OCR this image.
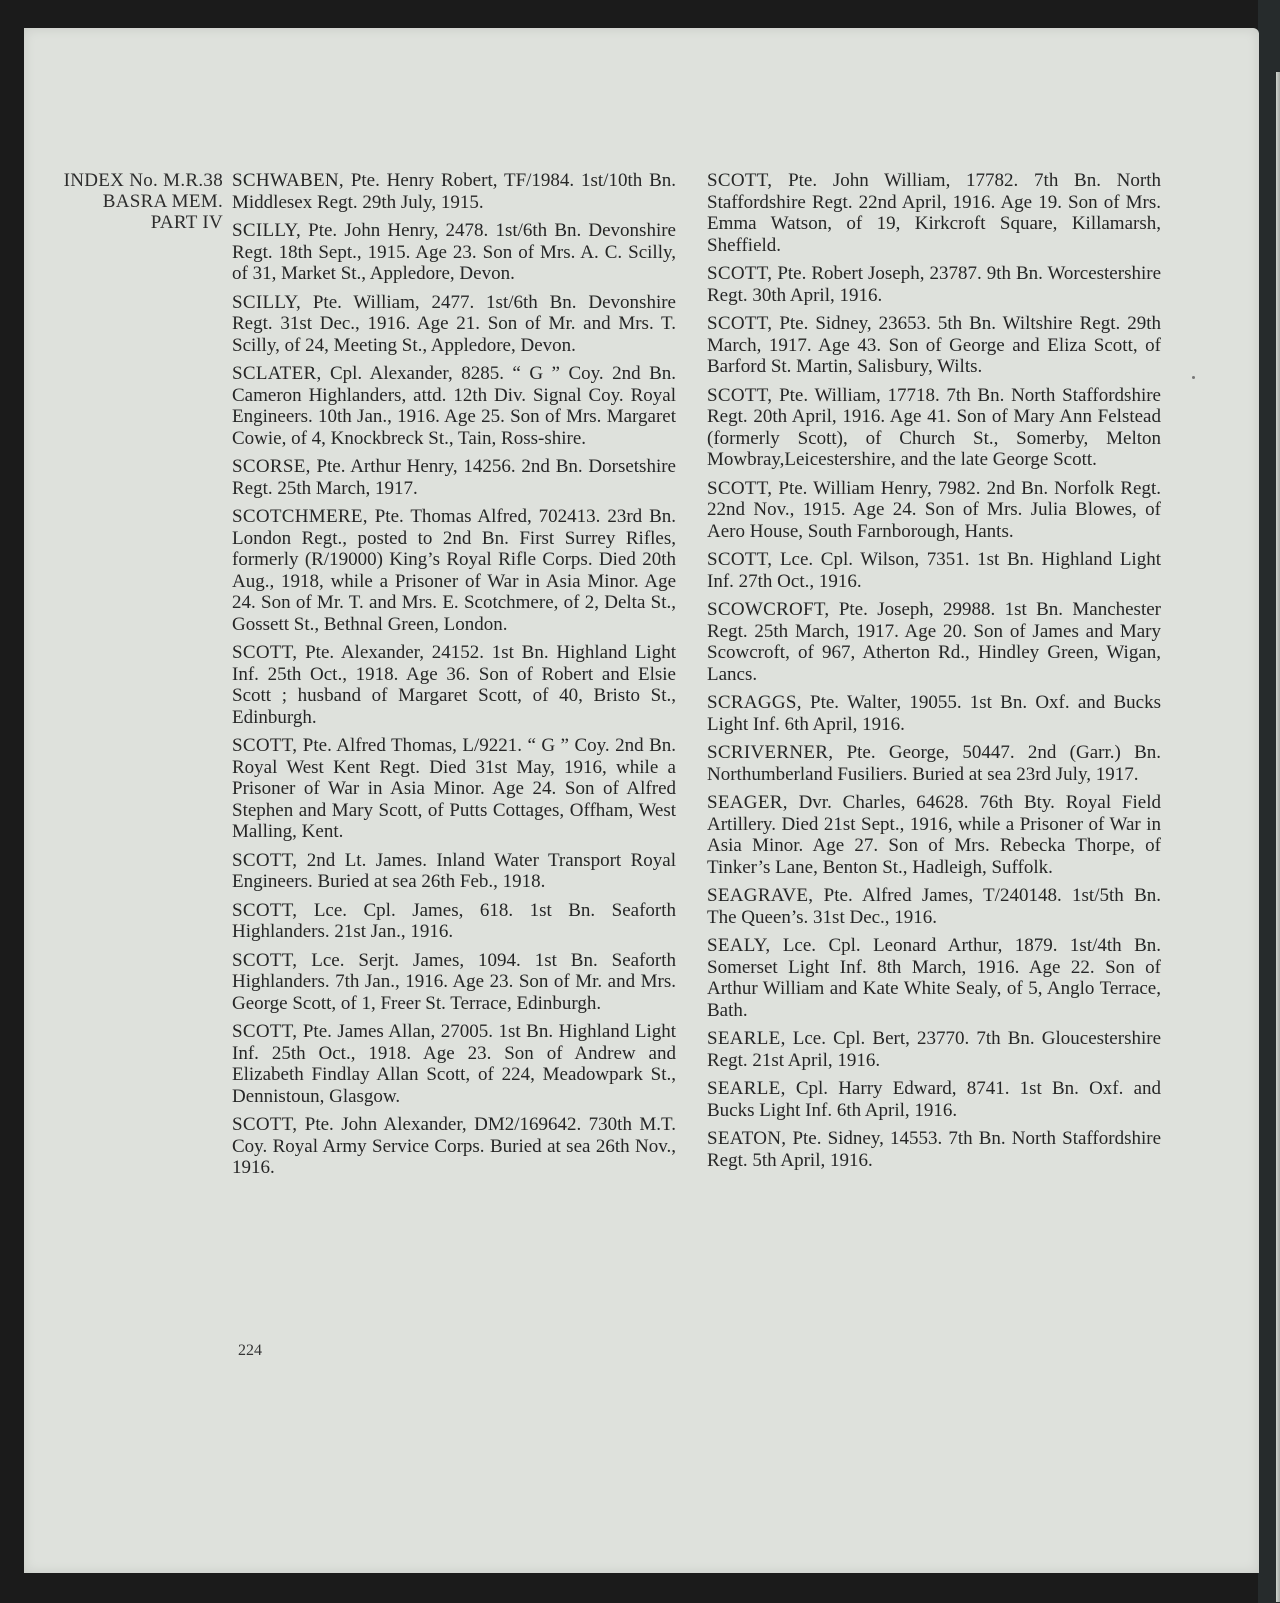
INDEX No. M.R.38
BASRA MEM.
PART IV

SCHWABEN, Pte. Henry Robert, TF/1984. 1st/10th Bn. Middlesex Regt. 29th July, 1915.

SCILLY, Pte. John Henry, 2478. 1st/6th Bn. Devonshire Regt. 18th Sept., 1915. Age 23. Son of Mrs. A. C. Scilly, of 31, Market St., Appledore, Devon.

SCILLY, Pte. William, 2477. 1st/6th Bn. Devonshire Regt. 31st Dec., 1916. Age 21. Son of Mr. and Mrs. T. Scilly, of 24, Meeting St., Appledore, Devon.

SCLATER, Cpl. Alexander, 8285. “ G ” Coy. 2nd Bn. Cameron Highlanders, attd. 12th Div. Signal Coy. Royal Engineers. 10th Jan., 1916. Age 25. Son of Mrs. Margaret Cowie, of 4, Knockbreck St., Tain, Ross-shire.

SCORSE, Pte. Arthur Henry, 14256. 2nd Bn. Dorsetshire Regt. 25th March, 1917.

SCOTCHMERE, Pte. Thomas Alfred, 702413. 23rd Bn. London Regt., posted to 2nd Bn. First Surrey Rifles, formerly (R/19000) King’s Royal Rifle Corps. Died 20th Aug., 1918, while a Prisoner of War in Asia Minor. Age 24. Son of Mr. T. and Mrs. E. Scotchmere, of 2, Delta St., Gossett St., Bethnal Green, London.

SCOTT, Pte. Alexander, 24152. 1st Bn. Highland Light Inf. 25th Oct., 1918. Age 36. Son of Robert and Elsie Scott ; husband of Margaret Scott, of 40, Bristo St., Edinburgh.

SCOTT, Pte. Alfred Thomas, L/9221. “ G ” Coy. 2nd Bn. Royal West Kent Regt. Died 31st May, 1916, while a Prisoner of War in Asia Minor. Age 24. Son of Alfred Stephen and Mary Scott, of Putts Cottages, Offham, West Malling, Kent.

SCOTT, 2nd Lt. James. Inland Water Transport Royal Engineers. Buried at sea 26th Feb., 1918.

SCOTT, Lce. Cpl. James, 618. 1st Bn. Seaforth Highlanders. 21st Jan., 1916.

SCOTT, Lce. Serjt. James, 1094. 1st Bn. Seaforth Highlanders. 7th Jan., 1916. Age 23. Son of Mr. and Mrs. George Scott, of 1, Freer St. Terrace, Edinburgh.

SCOTT, Pte. James Allan, 27005. 1st Bn. Highland Light Inf. 25th Oct., 1918. Age 23. Son of Andrew and Elizabeth Findlay Allan Scott, of 224, Meadowpark St., Dennistoun, Glasgow.

SCOTT, Pte. John Alexander, DM2/169642. 730th M.T. Coy. Royal Army Service Corps. Buried at sea 26th Nov., 1916.

SCOTT, Pte. John William, 17782. 7th Bn. North Staffordshire Regt. 22nd April, 1916. Age 19. Son of Mrs. Emma Watson, of 19, Kirkcroft Square, Killamarsh, Sheffield.

SCOTT, Pte. Robert Joseph, 23787. 9th Bn. Worcestershire Regt. 30th April, 1916.

SCOTT, Pte. Sidney, 23653. 5th Bn. Wiltshire Regt. 29th March, 1917. Age 43. Son of George and Eliza Scott, of Barford St. Martin, Salisbury, Wilts.

SCOTT, Pte. William, 17718. 7th Bn. North Staffordshire Regt. 20th April, 1916. Age 41. Son of Mary Ann Felstead (formerly Scott), of Church St., Somerby, Melton Mowbray,Leicestershire, and the late George Scott.

SCOTT, Pte. William Henry, 7982. 2nd Bn. Norfolk Regt. 22nd Nov., 1915. Age 24. Son of Mrs. Julia Blowes, of Aero House, South Farnborough, Hants.

SCOTT, Lce. Cpl. Wilson, 7351. 1st Bn. Highland Light Inf. 27th Oct., 1916.

SCOWCROFT, Pte. Joseph, 29988. 1st Bn. Manchester Regt. 25th March, 1917. Age 20. Son of James and Mary Scowcroft, of 967, Atherton Rd., Hindley Green, Wigan, Lancs.

SCRAGGS, Pte. Walter, 19055. 1st Bn. Oxf. and Bucks Light Inf. 6th April, 1916.

SCRIVERNER, Pte. George, 50447. 2nd (Garr.) Bn. Northumberland Fusiliers. Buried at sea 23rd July, 1917.

SEAGER, Dvr. Charles, 64628. 76th Bty. Royal Field Artillery. Died 21st Sept., 1916, while a Prisoner of War in Asia Minor. Age 27. Son of Mrs. Rebecka Thorpe, of Tinker’s Lane, Benton St., Hadleigh, Suffolk.

SEAGRAVE, Pte. Alfred James, T/240148. 1st/5th Bn. The Queen’s. 31st Dec., 1916.

SEALY, Lce. Cpl. Leonard Arthur, 1879. 1st/4th Bn. Somerset Light Inf. 8th March, 1916. Age 22. Son of Arthur William and Kate White Sealy, of 5, Anglo Terrace, Bath.

SEARLE, Lce. Cpl. Bert, 23770. 7th Bn. Gloucestershire Regt. 21st April, 1916.

SEARLE, Cpl. Harry Edward, 8741. 1st Bn. Oxf. and Bucks Light Inf. 6th April, 1916.

SEATON, Pte. Sidney, 14553. 7th Bn. North Staffordshire Regt. 5th April, 1916.

224
